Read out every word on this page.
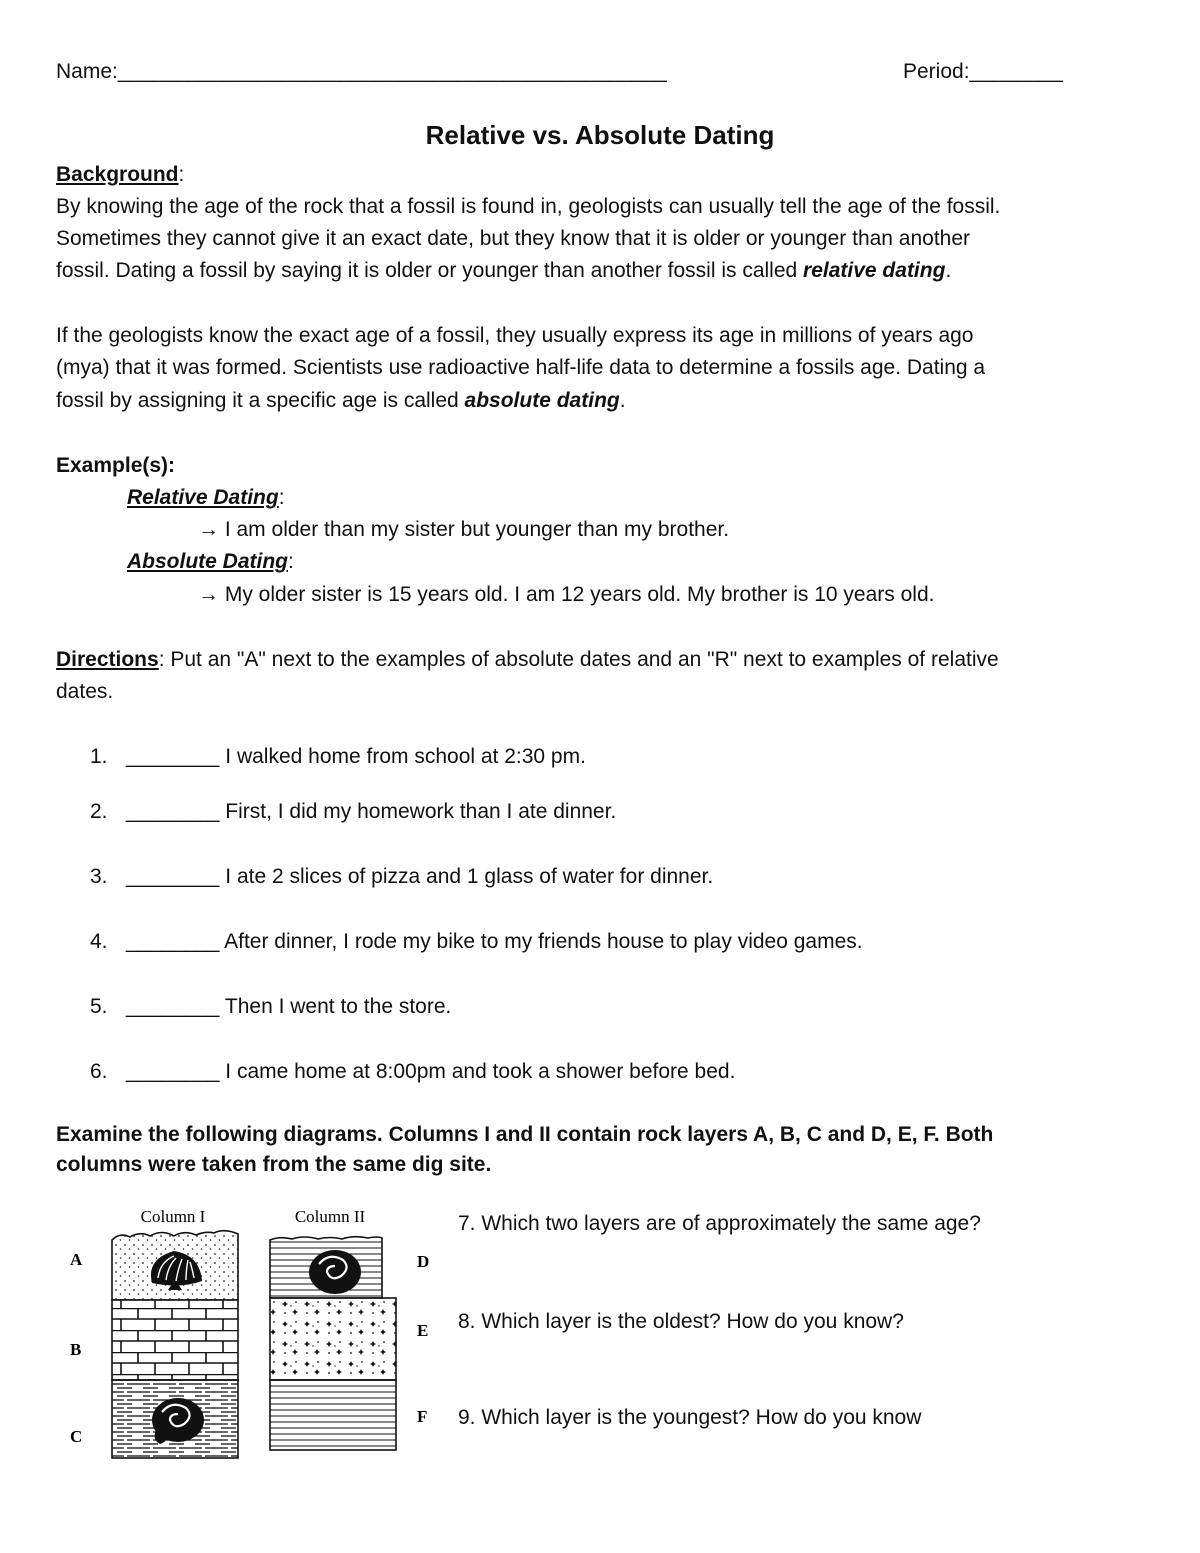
Name:_______________________________________________	Period:________
Relative vs. Absolute Dating
Background:
By knowing the age of the rock that a fossil is found in, geologists can usually tell the age of the fossil.
Sometimes they cannot give it an exact date, but they know that it is older or younger than another
fossil. Dating a fossil by saying it is older or younger than another fossil is called relative dating.
If the geologists know the exact age of a fossil, they usually express its age in millions of years ago
(mya) that it was formed. Scientists use radioactive half-life data to determine a fossils age. Dating a
fossil by assigning it a specific age is called absolute dating.
Example(s):
Relative Dating:
→ I am older than my sister but younger than my brother.
Absolute Dating:
→ My older sister is 15 years old. I am 12 years old. My brother is 10 years old.
Directions: Put an "A" next to the examples of absolute dates and an "R" next to examples of relative
dates.
1. ________ I walked home from school at 2:30 pm.
2. ________ First, I did my homework than I ate dinner.
3. ________ I ate 2 slices of pizza and 1 glass of water for dinner.
4. ________ After dinner, I rode my bike to my friends house to play video games.
5. ________ Then I went to the store.
6. ________ I came home at 8:00pm and took a shower before bed.
Examine the following diagrams. Columns I and II contain rock layers A, B, C and D, E, F. Both
columns were taken from the same dig site.
Column I	Column II
A
B
C
D
E
F
7. Which two layers are of approximately the same age?
8. Which layer is the oldest? How do you know?
9. Which layer is the youngest? How do you know
